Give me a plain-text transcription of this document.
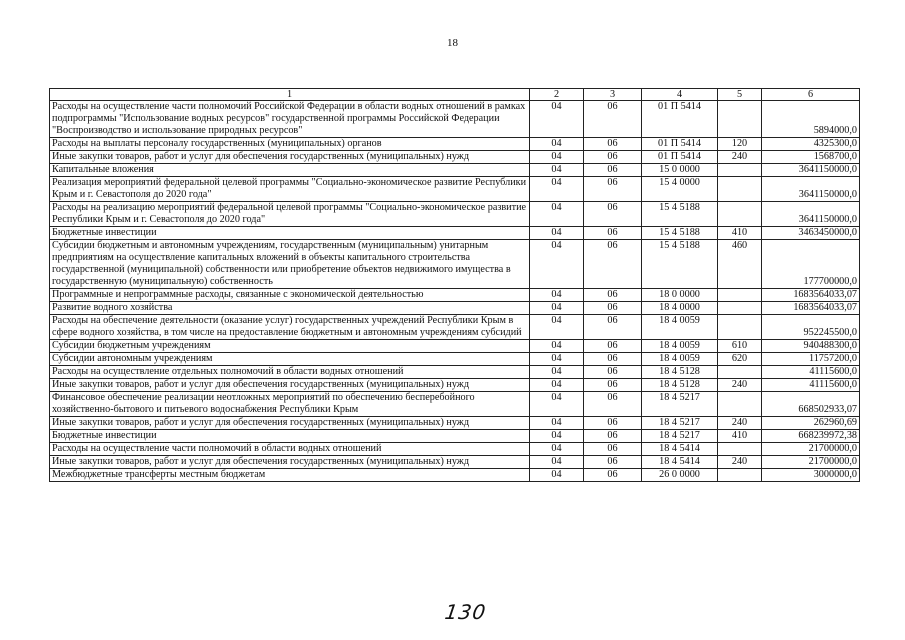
18
1	2	3	4	5	6
Расходы на осуществление части полномочий Российской Федерации в области водных отношений в рамках подпрограммы "Использование водных ресурсов" государственной программы Российской Федерации "Воспроизводство и использование природных ресурсов"	04	06	01 П 5414		5894000,0
Расходы на выплаты персоналу государственных (муниципальных) органов	04	06	01 П 5414	120	4325300,0
Иные закупки товаров, работ и услуг для обеспечения государственных (муниципальных) нужд	04	06	01 П 5414	240	1568700,0
Капитальные вложения	04	06	15 0 0000		3641150000,0
Реализация мероприятий федеральной целевой программы "Социально-экономическое развитие Республики Крым и г. Севастополя до 2020 года"	04	06	15 4 0000		3641150000,0
Расходы на реализацию мероприятий федеральной целевой программы "Социально-экономическое развитие Республики Крым и г. Севастополя до 2020 года"	04	06	15 4 5188		3641150000,0
Бюджетные инвестиции	04	06	15 4 5188	410	3463450000,0
Субсидии бюджетным и автономным учреждениям, государственным (муниципальным) унитарным предприятиям на осуществление капитальных вложений в объекты капитального строительства государственной (муниципальной) собственности или приобретение объектов недвижимого имущества в государственную (муниципальную) собственность	04	06	15 4 5188	460	177700000,0
Программные и непрограммные расходы, связанные с экономической деятельностью	04	06	18 0 0000		1683564033,07
Развитие водного хозяйства	04	06	18 4 0000		1683564033,07
Расходы на обеспечение деятельности (оказание услуг) государственных учреждений Республики Крым в сфере водного хозяйства, в том числе на предоставление бюджетным и автономным учреждениям субсидий	04	06	18 4 0059		952245500,0
Субсидии бюджетным учреждениям	04	06	18 4 0059	610	940488300,0
Субсидии автономным учреждениям	04	06	18 4 0059	620	11757200,0
Расходы на осуществление отдельных полномочий в области водных отношений	04	06	18 4 5128		41115600,0
Иные закупки товаров, работ и услуг для обеспечения государственных (муниципальных) нужд	04	06	18 4 5128	240	41115600,0
Финансовое обеспечение реализации неотложных мероприятий по обеспечению бесперебойного хозяйственно-бытового и питьевого водоснабжения Республики Крым	04	06	18 4 5217		668502933,07
Иные закупки товаров, работ и услуг для обеспечения государственных (муниципальных) нужд	04	06	18 4 5217	240	262960,69
Бюджетные инвестиции	04	06	18 4 5217	410	668239972,38
Расходы на осуществление части полномочий в области водных отношений	04	06	18 4 5414		21700000,0
Иные закупки товаров, работ и услуг для обеспечения государственных (муниципальных) нужд	04	06	18 4 5414	240	21700000,0
Межбюджетные трансферты местным бюджетам	04	06	26 0 0000		3000000,0
130
